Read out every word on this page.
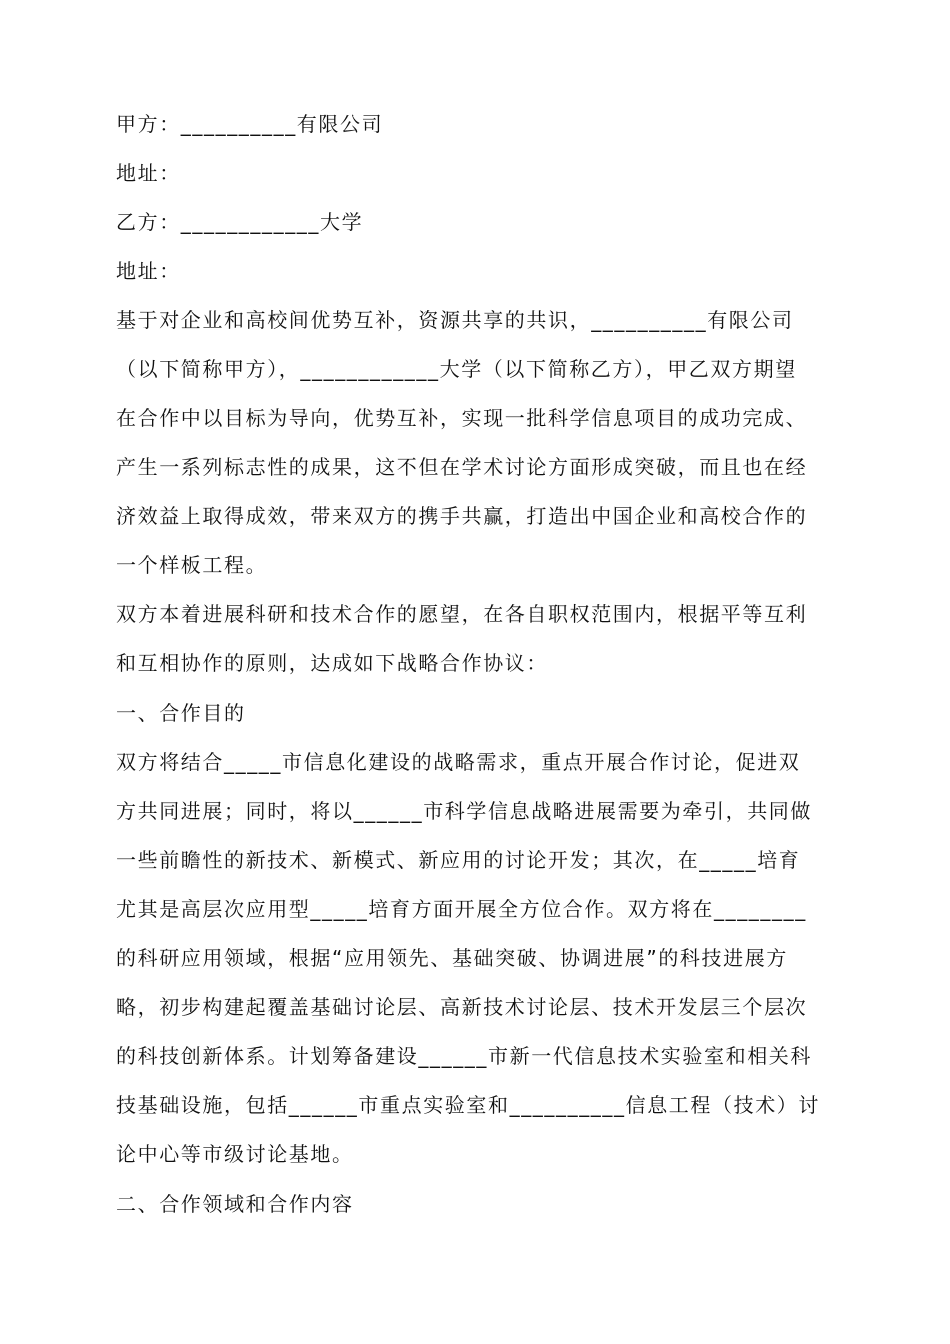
甲方：__________有限公司
地址：
乙方：____________大学
地址：
基于对企业和高校间优势互补，资源共享的共识，__________有限公司
（以下简称甲方），____________大学（以下简称乙方），甲乙双方期望
在合作中以目标为导向，优势互补，实现一批科学信息项目的成功完成、
产生一系列标志性的成果，这不但在学术讨论方面形成突破，而且也在经
济效益上取得成效，带来双方的携手共赢，打造出中国企业和高校合作的
一个样板工程。
双方本着进展科研和技术合作的愿望，在各自职权范围内，根据平等互利
和互相协作的原则，达成如下战略合作协议：
一、合作目的
双方将结合_____市信息化建设的战略需求，重点开展合作讨论，促进双
方共同进展；同时，将以______市科学信息战略进展需要为牵引，共同做
一些前瞻性的新技术、新模式、新应用的讨论开发；其次，在_____培育
尤其是高层次应用型_____培育方面开展全方位合作。双方将在________
的科研应用领域，根据“应用领先、基础突破、协调进展”的科技进展方
略，初步构建起覆盖基础讨论层、高新技术讨论层、技术开发层三个层次
的科技创新体系。计划筹备建设______市新一代信息技术实验室和相关科
技基础设施，包括______市重点实验室和__________信息工程（技术）讨
论中心等市级讨论基地。
二、合作领域和合作内容
